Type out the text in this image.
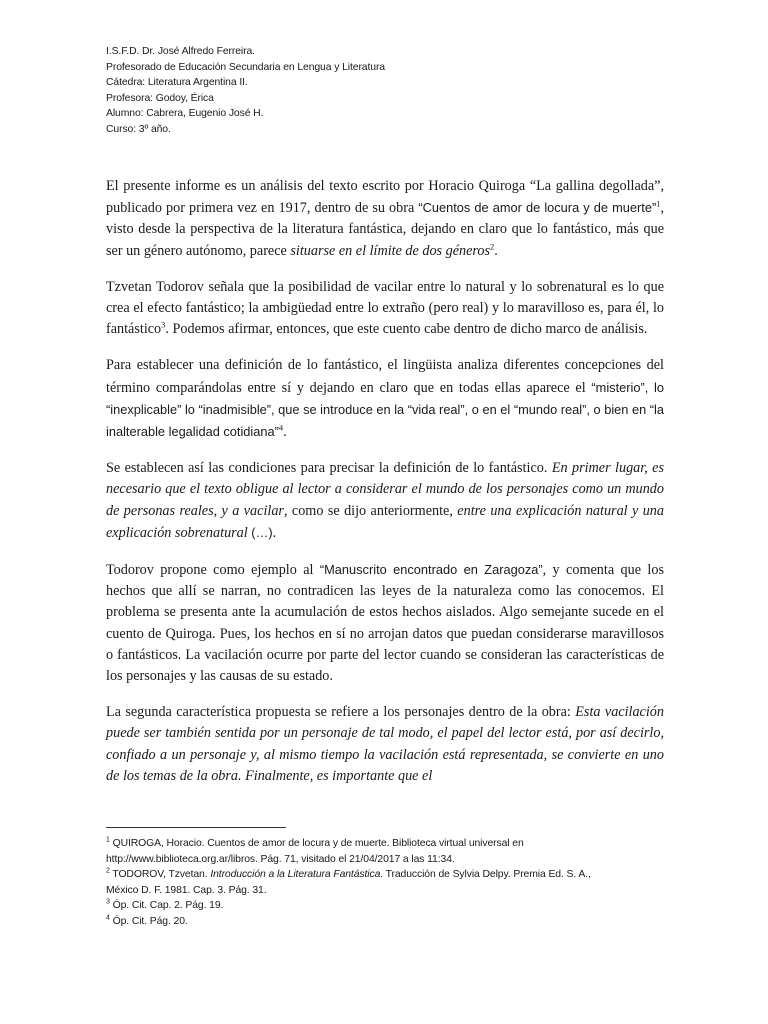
I.S.F.D. Dr. José Alfredo Ferreira.
Profesorado de Educación Secundaria en Lengua y Literatura
Cátedra: Literatura Argentina II.
Profesora: Godoy, Érica
Alumno: Cabrera, Eugenio José H.
Curso: 3º año.

El presente informe es un análisis del texto escrito por Horacio Quiroga “La gallina degollada”, publicado por primera vez en 1917, dentro de su obra “Cuentos de amor de locura y de muerte”$^1$, visto desde la perspectiva de la literatura fantástica, dejando en claro que lo fantástico, más que ser un género autónomo, parece situarse en el límite de dos géneros$^2$.

Tzvetan Todorov señala que la posibilidad de vacilar entre lo natural y lo sobrenatural es lo que crea el efecto fantástico; la ambigüedad entre lo extraño (pero real) y lo maravilloso es, para él, lo fantástico$^3$. Podemos afirmar, entonces, que este cuento cabe dentro de dicho marco de análisis.

Para establecer una definición de lo fantástico, el lingüista analiza diferentes concepciones del término comparándolas entre sí y dejando en claro que en todas ellas aparece el “misterio”, lo “inexplicable” lo “inadmisible”, que se introduce en la “vida real”, o en el “mundo real”, o bien en “la inalterable legalidad cotidiana”$^4$.

Se establecen así las condiciones para precisar la definición de lo fantástico. En primer lugar, es necesario que el texto obligue al lector a considerar el mundo de los personajes como un mundo de personas reales, y a vacilar, como se dijo anteriormente, entre una explicación natural y una explicación sobrenatural (…).

Todorov propone como ejemplo al “Manuscrito encontrado en Zaragoza”, y comenta que los hechos que allí se narran, no contradicen las leyes de la naturaleza como las conocemos. El problema se presenta ante la acumulación de estos hechos aislados. Algo semejante sucede en el cuento de Quiroga. Pues, los hechos en sí no arrojan datos que puedan considerarse maravillosos o fantásticos. La vacilación ocurre por parte del lector cuando se consideran las características de los personajes y las causas de su estado.

La segunda característica propuesta se refiere a los personajes dentro de la obra: Esta vacilación puede ser también sentida por un personaje de tal modo, el papel del lector está, por así decirlo, confiado a un personaje y, al mismo tiempo la vacilación está representada, se convierte en uno de los temas de la obra. Finalmente, es importante que el

$^1$ QUIROGA, Horacio. Cuentos de amor de locura y de muerte. Biblioteca virtual universal en
http://www.biblioteca.org.ar/libros. Pág. 71, visitado el 21/04/2017 a las 11:34.
$^2$ TODOROV, Tzvetan. Introducción a la Literatura Fantástica. Traducción de Sylvia Delpy. Premia Ed. S. A.,
México D. F. 1981. Cap. 3. Pág. 31.
$^3$ Óp. Cit. Cap. 2. Pág. 19.
$^4$ Óp. Cit. Pág. 20.
